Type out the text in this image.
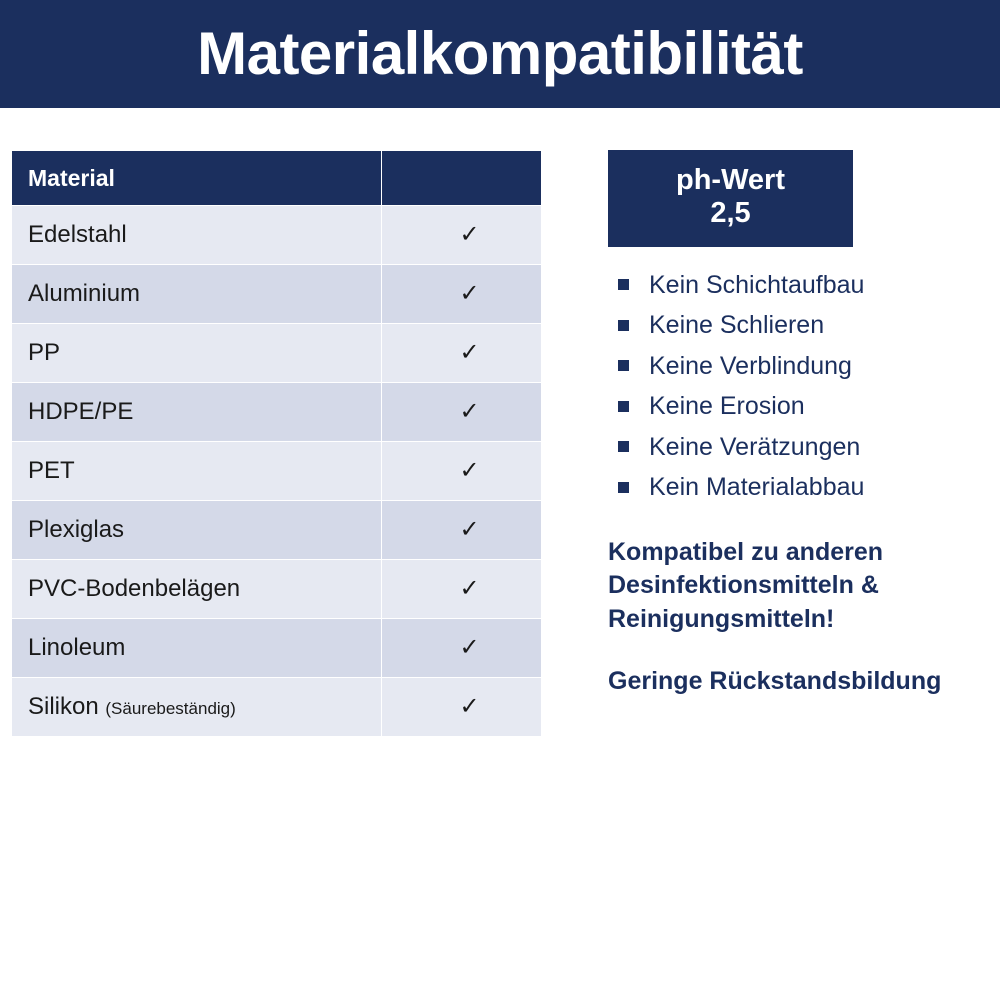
Materialkompatibilität
Material	
Edelstahl	✓
Aluminium	✓
PP	✓
HDPE/PE	✓
PET	✓
Plexiglas	✓
PVC-Bodenbelägen	✓
Linoleum	✓
Silikon (Säurebeständig)	✓
ph-Wert
2,5
Kein Schichtaufbau
Keine Schlieren
Keine Verblindung
Keine Erosion
Keine Verätzungen
Kein Materialabbau
Kompatibel zu anderen Desinfektionsmitteln & Reinigungsmitteln!
Geringe Rückstandsbildung
